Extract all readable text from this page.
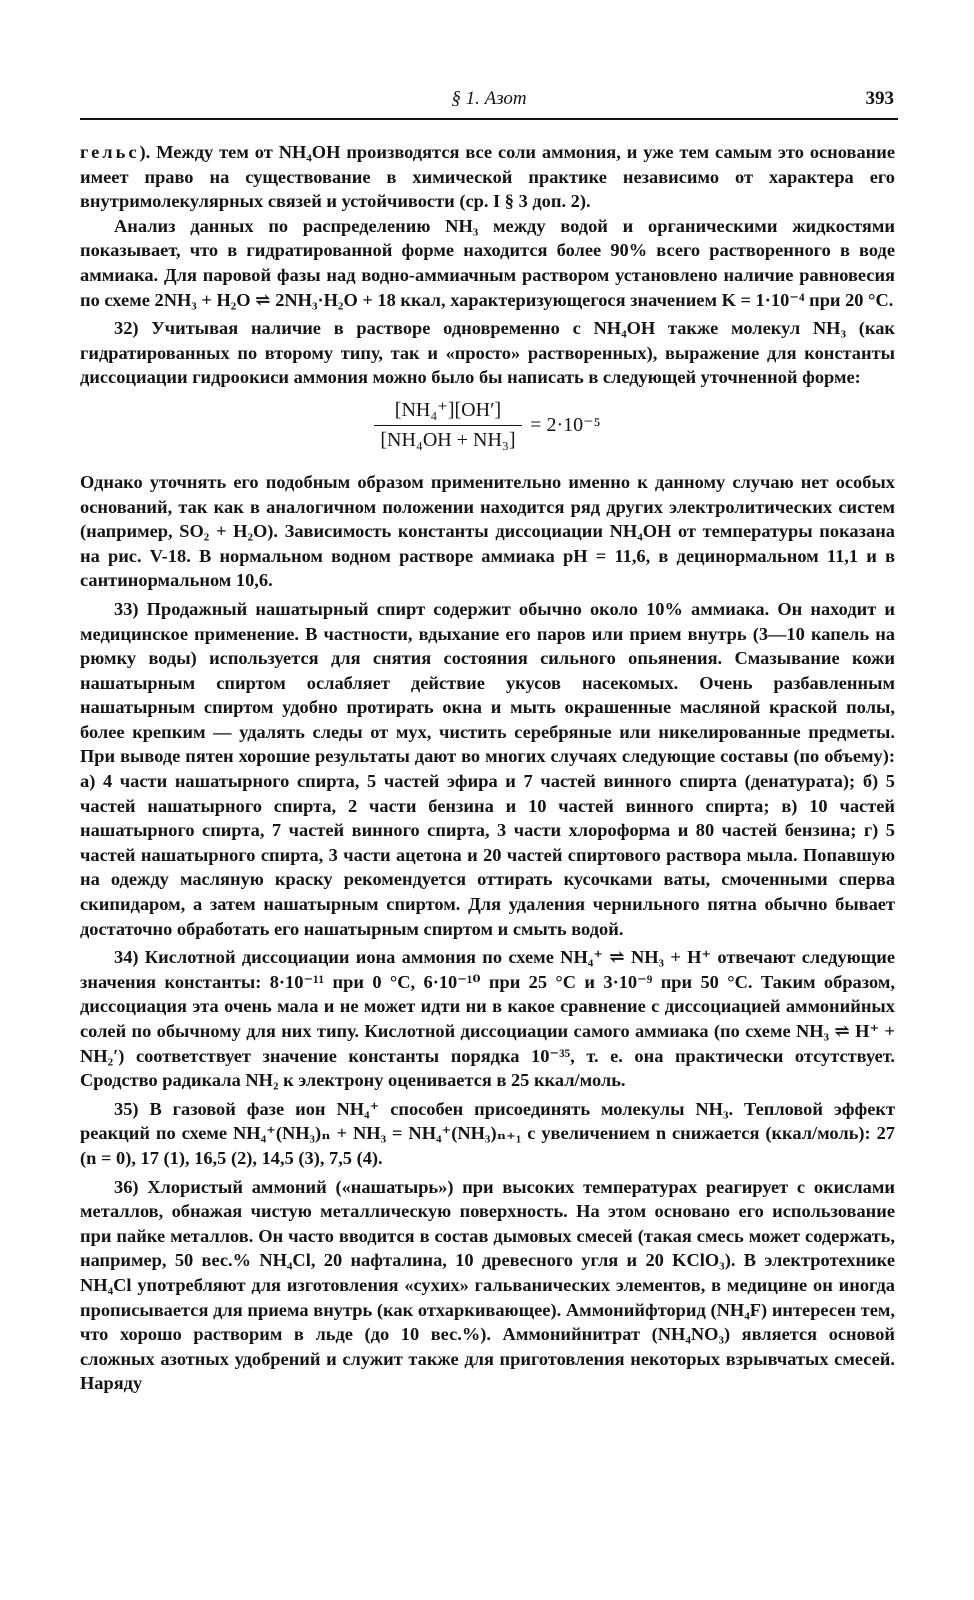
§ 1. Азот	393

гельс). Между тем от NH₄OH производятся все соли аммония, и уже тем самым это основание имеет право на существование в химической практике независимо от характера его внутримолекулярных связей и устойчивости (ср. I § 3 доп. 2).

Анализ данных по распределению NH₃ между водой и органическими жидкостями показывает, что в гидратированной форме находится более 90% всего растворенного в воде аммиака. Для паровой фазы над водно-аммиачным раствором установлено наличие равновесия по схеме 2NH₃ + H₂O ⇌ 2NH₃·H₂O + 18 ккал, характеризующегося значением K = 1·10⁻⁴ при 20 °C.

32) Учитывая наличие в растворе одновременно с NH₄OH также молекул NH₃ (как гидратированных по второму типу, так и «просто» растворенных), выражение для константы диссоциации гидроокиси аммония можно было бы написать в следующей уточненной форме:

$\frac{\text{[NH₄⁺][OH′]}}{\text{[NH₄OH + NH₃]}} = 2\cdot 10^{-5}$

Однако уточнять его подобным образом применительно именно к данному случаю нет особых оснований, так как в аналогичном положении находится ряд других электролитических систем (например, SO₂ + H₂O). Зависимость константы диссоциации NH₄OH от температуры показана на рис. V-18. В нормальном водном растворе аммиака pH = 11,6, в децинормальном 11,1 и в сантинормальном 10,6.

33) Продажный нашатырный спирт содержит обычно около 10% аммиака. Он находит и медицинское применение. В частности, вдыхание его паров или прием внутрь (3—10 капель на рюмку воды) используется для снятия состояния сильного опьянения. Смазывание кожи нашатырным спиртом ослабляет действие укусов насекомых. Очень разбавленным нашатырным спиртом удобно протирать окна и мыть окрашенные масляной краской полы, более крепким — удалять следы от мух, чистить серебряные или никелированные предметы. При выводе пятен хорошие результаты дают во многих случаях следующие составы (по объему): а) 4 части нашатырного спирта, 5 частей эфира и 7 частей винного спирта (денатурата); б) 5 частей нашатырного спирта, 2 части бензина и 10 частей винного спирта; в) 10 частей нашатырного спирта, 7 частей винного спирта, 3 части хлороформа и 80 частей бензина; г) 5 частей нашатырного спирта, 3 части ацетона и 20 частей спиртового раствора мыла. Попавшую на одежду масляную краску рекомендуется оттирать кусочками ваты, смоченными сперва скипидаром, а затем нашатырным спиртом. Для удаления чернильного пятна обычно бывает достаточно обработать его нашатырным спиртом и смыть водой.

34) Кислотной диссоциации иона аммония по схеме NH₄⁺ ⇌ NH₃ + H⁺ отвечают следующие значения константы: 8·10⁻¹¹ при 0 °C, 6·10⁻¹⁰ при 25 °C и 3·10⁻⁹ при 50 °C. Таким образом, диссоциация эта очень мала и не может идти ни в какое сравнение с диссоциацией аммонийных солей по обычному для них типу. Кислотной диссоциации самого аммиака (по схеме NH₃ ⇌ H⁺ + NH₂′) соответствует значение константы порядка 10⁻³⁵, т. е. она практически отсутствует. Сродство радикала NH₂ к электрону оценивается в 25 ккал/моль.

35) В газовой фазе ион NH₄⁺ способен присоединять молекулы NH₃. Тепловой эффект реакций по схеме NH₄⁺(NH₃)ₙ + NH₃ = NH₄⁺(NH₃)ₙ₊₁ с увеличением n снижается (ккал/моль): 27 (n = 0), 17 (1), 16,5 (2), 14,5 (3), 7,5 (4).

36) Хлористый аммоний («нашатырь») при высоких температурах реагирует с окислами металлов, обнажая чистую металлическую поверхность. На этом основано его использование при пайке металлов. Он часто вводится в состав дымовых смесей (такая смесь может содержать, например, 50 вес.% NH₄Cl, 20 нафталина, 10 древесного угля и 20 KClO₃). В электротехнике NH₄Cl употребляют для изготовления «сухих» гальванических элементов, в медицине он иногда прописывается для приема внутрь (как отхаркивающее). Аммонийфторид (NH₄F) интересен тем, что хорошо растворим в льде (до 10 вес.%). Аммонийнитрат (NH₄NO₃) является основой сложных азотных удобрений и служит также для приготовления некоторых взрывчатых смесей. Наряду
